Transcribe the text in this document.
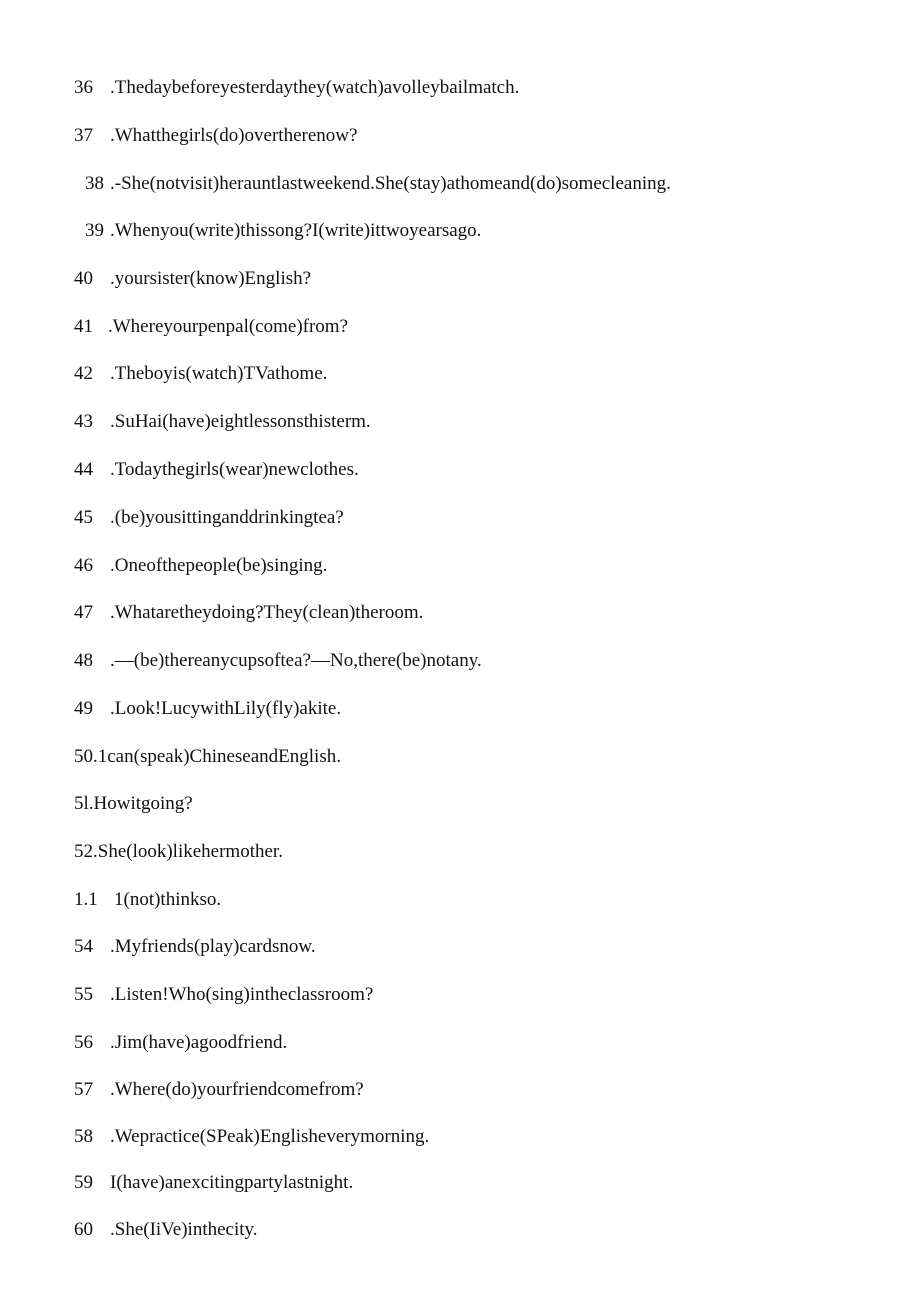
36 .Thedaybeforeyesterdaythey(watch)avolleybailmatch.
37 .Whatthegirls(do)overtherenow?
38 .-She(notvisit)herauntlastweekend.She(stay)athomeand(do)somecleaning.
39 .Whenyou(write)thissong?I(write)ittwoyearsago.
40 .yoursister(know)English?
41 .Whereyourpenpal(come)from?
42 .Theboyis(watch)TVathome.
43 .SuHai(have)eightlessonsthisterm.
44 .Todaythegirls(wear)newclothes.
45 .(be)yousittinganddrinkingtea?
46 .Oneofthepeople(be)singing.
47 .Whataretheydoing?They(clean)theroom.
48 .—(be)thereanycupsoftea?—No,there(be)notany.
49 .Look!LucywithLily(fly)akite.
50.1can(speak)ChineseandEnglish.
5l.Howitgoing?
52.She(look)likehermother.
1.1 1(not)thinkso.
54 .Myfriends(play)cardsnow.
55 .Listen!Who(sing)intheclassroom?
56 .Jim(have)agoodfriend.
57 .Where(do)yourfriendcomefrom?
58 .Wepractice(SPeak)Englisheverymorning.
59 I(have)anexcitingpartylastnight.
60 .She(IiVe)inthecity.
